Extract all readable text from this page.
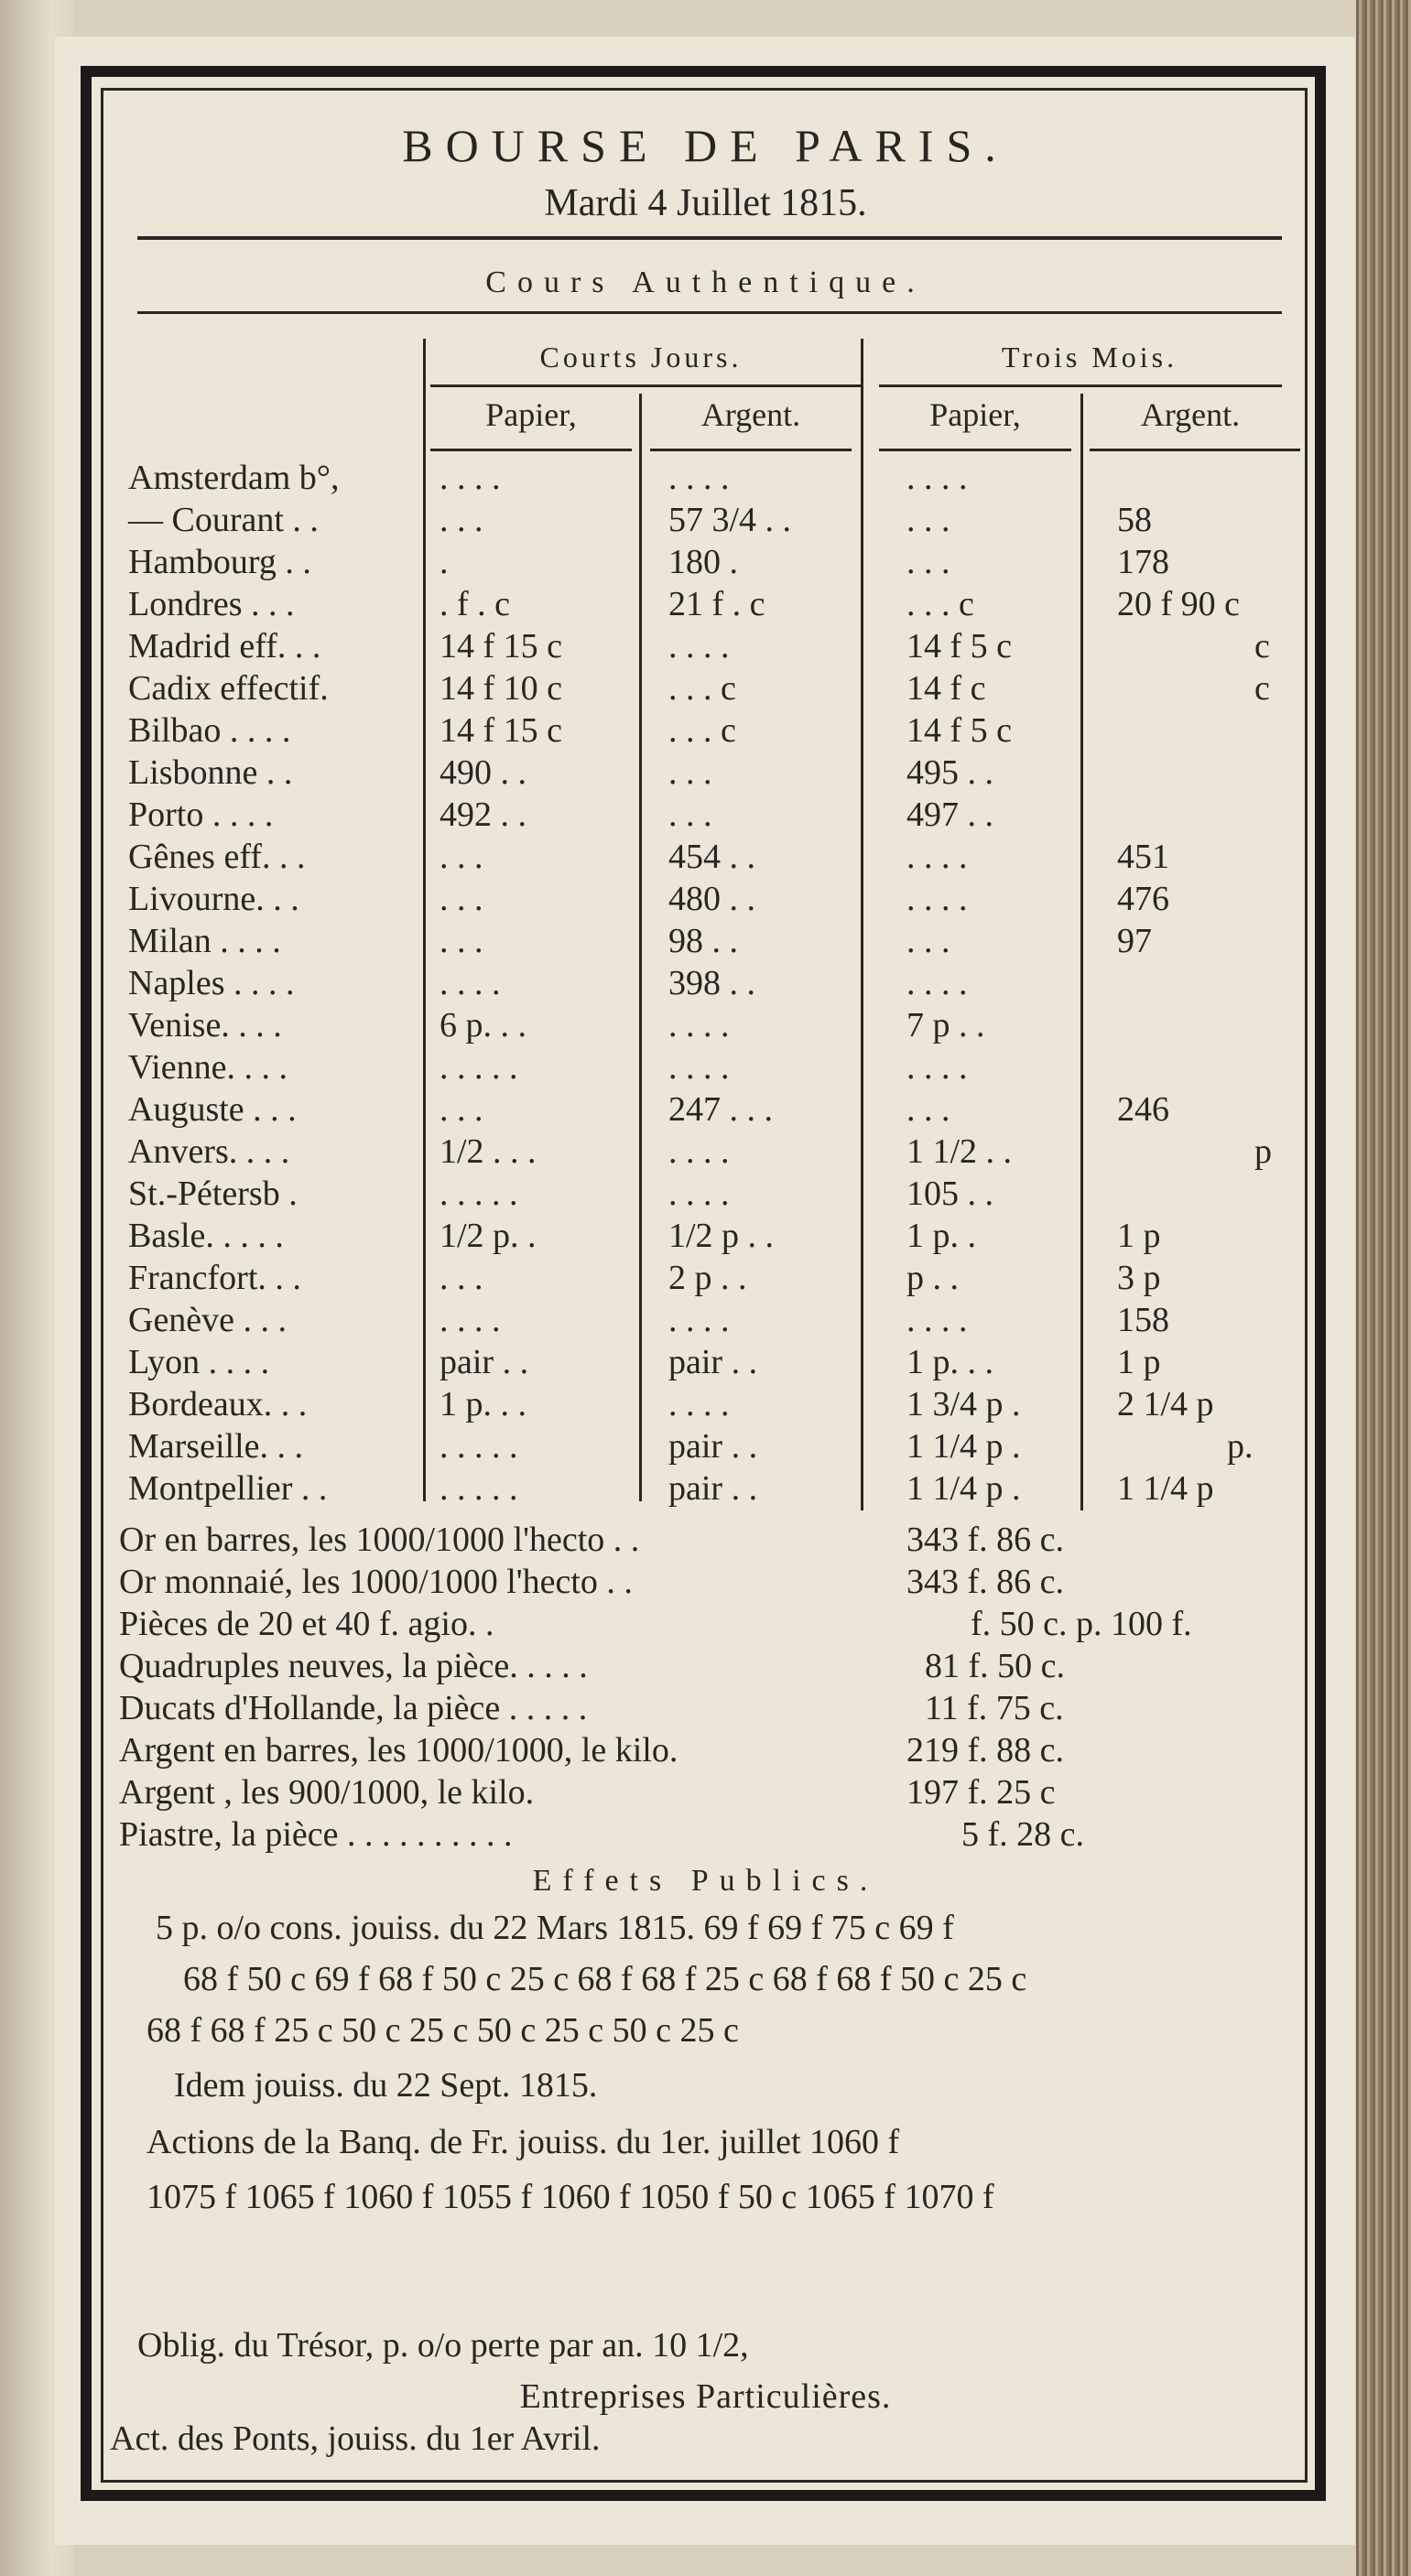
BOURSE DE PARIS.
Mardi 4 Juillet 1815.
Cours Authentique.
Courts Jours.	Trois Mois.
Papier,	Argent.	Papier,	Argent.
Amsterdam b°,	. . . .	. . . .	. . . .
— Courant . .	. . .	57 3/4 . .	. . .	58
Hambourg . .	.	180 .	. . .	178
Londres . . .	. f . c	21 f . c	. . . c	20 f 90 c
Madrid eff. . .	14 f 15 c	. . . .	14 f 5 c	c
Cadix effectif.	14 f 10 c	. . . c	14 f c	c
Bilbao . . . .	14 f 15 c	. . . c	14 f 5 c
Lisbonne . .	490 . .	. . .	495 . .
Porto . . . .	492 . .	. . .	497 . .
Gênes eff. . .	. . .	454 . .	. . . .	451
Livourne. . .	. . .	480 . .	. . . .	476
Milan . . . .	. . .	98 . .	. . .	97
Naples . . . .	. . . .	398 . .	. . . .
Venise. . . .	6 p. . .	. . . .	7 p . .
Vienne. . . .	. . . . .	. . . .	. . . .
Auguste . . .	. . .	247 . . .	. . .	246
Anvers. . . .	1/2 . . .	. . . .	1 1/2 . .	p
St.-Pétersb .	. . . . .	. . . .	105 . .
Basle. . . . .	1/2 p. .	1/2 p . .	1 p. .	1 p
Francfort. . .	. . .	2 p . .	p . .	3 p
Genève . . .	. . . .	. . . .	. . . .	158
Lyon . . . .	pair . .	pair . .	1 p. . .	1 p
Bordeaux. . .	1 p. . .	. . . .	1 3/4 p .	2 1/4 p
Marseille. . .	. . . . .	pair . .	1 1/4 p .	p.
Montpellier . .	. . . . .	pair . .	1 1/4 p .	1 1/4 p
Or en barres, les 1000/1000 l'hecto . .	343 f. 86 c.
Or monnaié, les 1000/1000 l'hecto . .	343 f. 86 c.
Pièces de 20 et 40 f. agio. .	f. 50 c. p. 100 f.
Quadruples neuves, la pièce. . . . .	81 f. 50 c.
Ducats d'Hollande, la pièce . . . . .	11 f. 75 c.
Argent en barres, les 1000/1000, le kilo.	219 f. 88 c.
Argent , les 900/1000, le kilo.	197 f. 25 c
Piastre, la pièce . . . . . . . . . .	5 f. 28 c.
Effets Publics.
5 p. o/o cons. jouiss. du 22 Mars 1815. 69 f 69 f 75 c 69 f
68 f 50 c 69 f 68 f 50 c 25 c 68 f 68 f 25 c 68 f 68 f 50 c 25 c
68 f 68 f 25 c 50 c 25 c 50 c 25 c 50 c 25 c
Idem jouiss. du 22 Sept. 1815.
Actions de la Banq. de Fr. jouiss. du 1er. juillet 1060 f
1075 f 1065 f 1060 f 1055 f 1060 f 1050 f 50 c 1065 f 1070 f
Oblig. du Trésor, p. o/o perte par an. 10 1/2,
Entreprises Particulières.
Act. des Ponts, jouiss. du 1er Avril.
